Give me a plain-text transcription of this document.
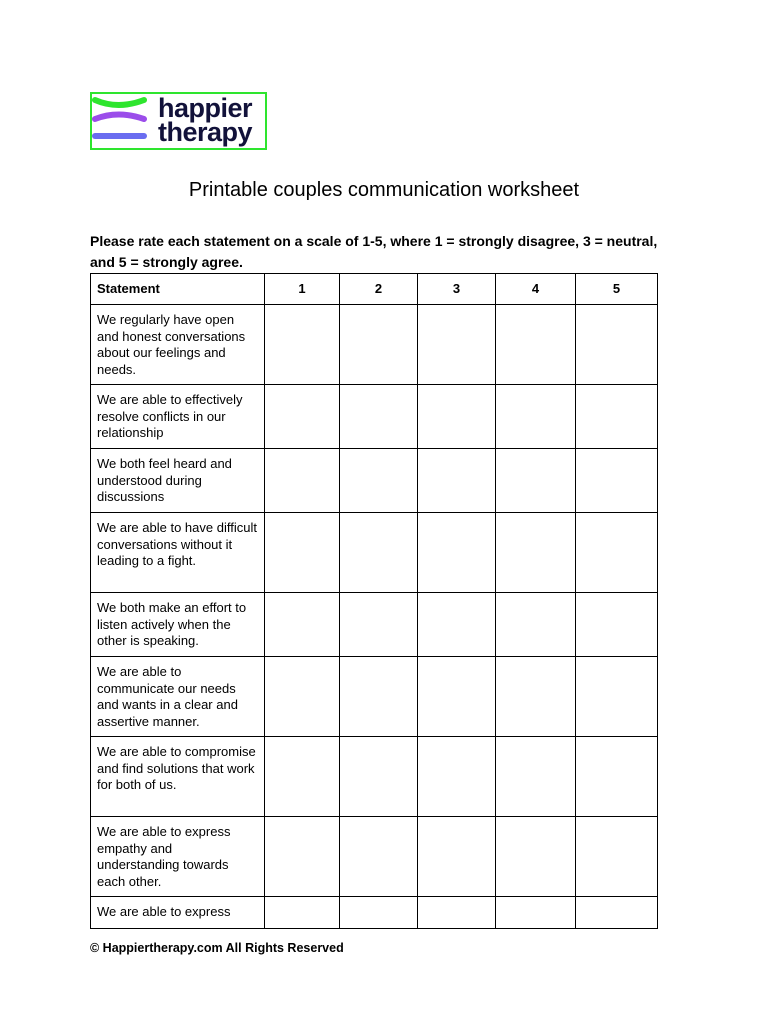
happier
therapy
Printable couples communication worksheet
Please rate each statement on a scale of 1-5, where 1 = strongly disagree, 3 = neutral, and 5 = strongly agree.
Statement	1	2	3	4	5
We regularly have open and honest conversations about our feelings and needs.					
We are able to effectively resolve conflicts in our relationship					
We both feel heard and understood during discussions					
We are able to have difficult conversations without it leading to a fight.					
We both make an effort to listen actively when the other is speaking.					
We are able to communicate our needs and wants in a clear and assertive manner.					
We are able to compromise and find solutions that work for both of us.					
We are able to express empathy and understanding towards each other.					
We are able to express					
© Happiertherapy.com All Rights Reserved
